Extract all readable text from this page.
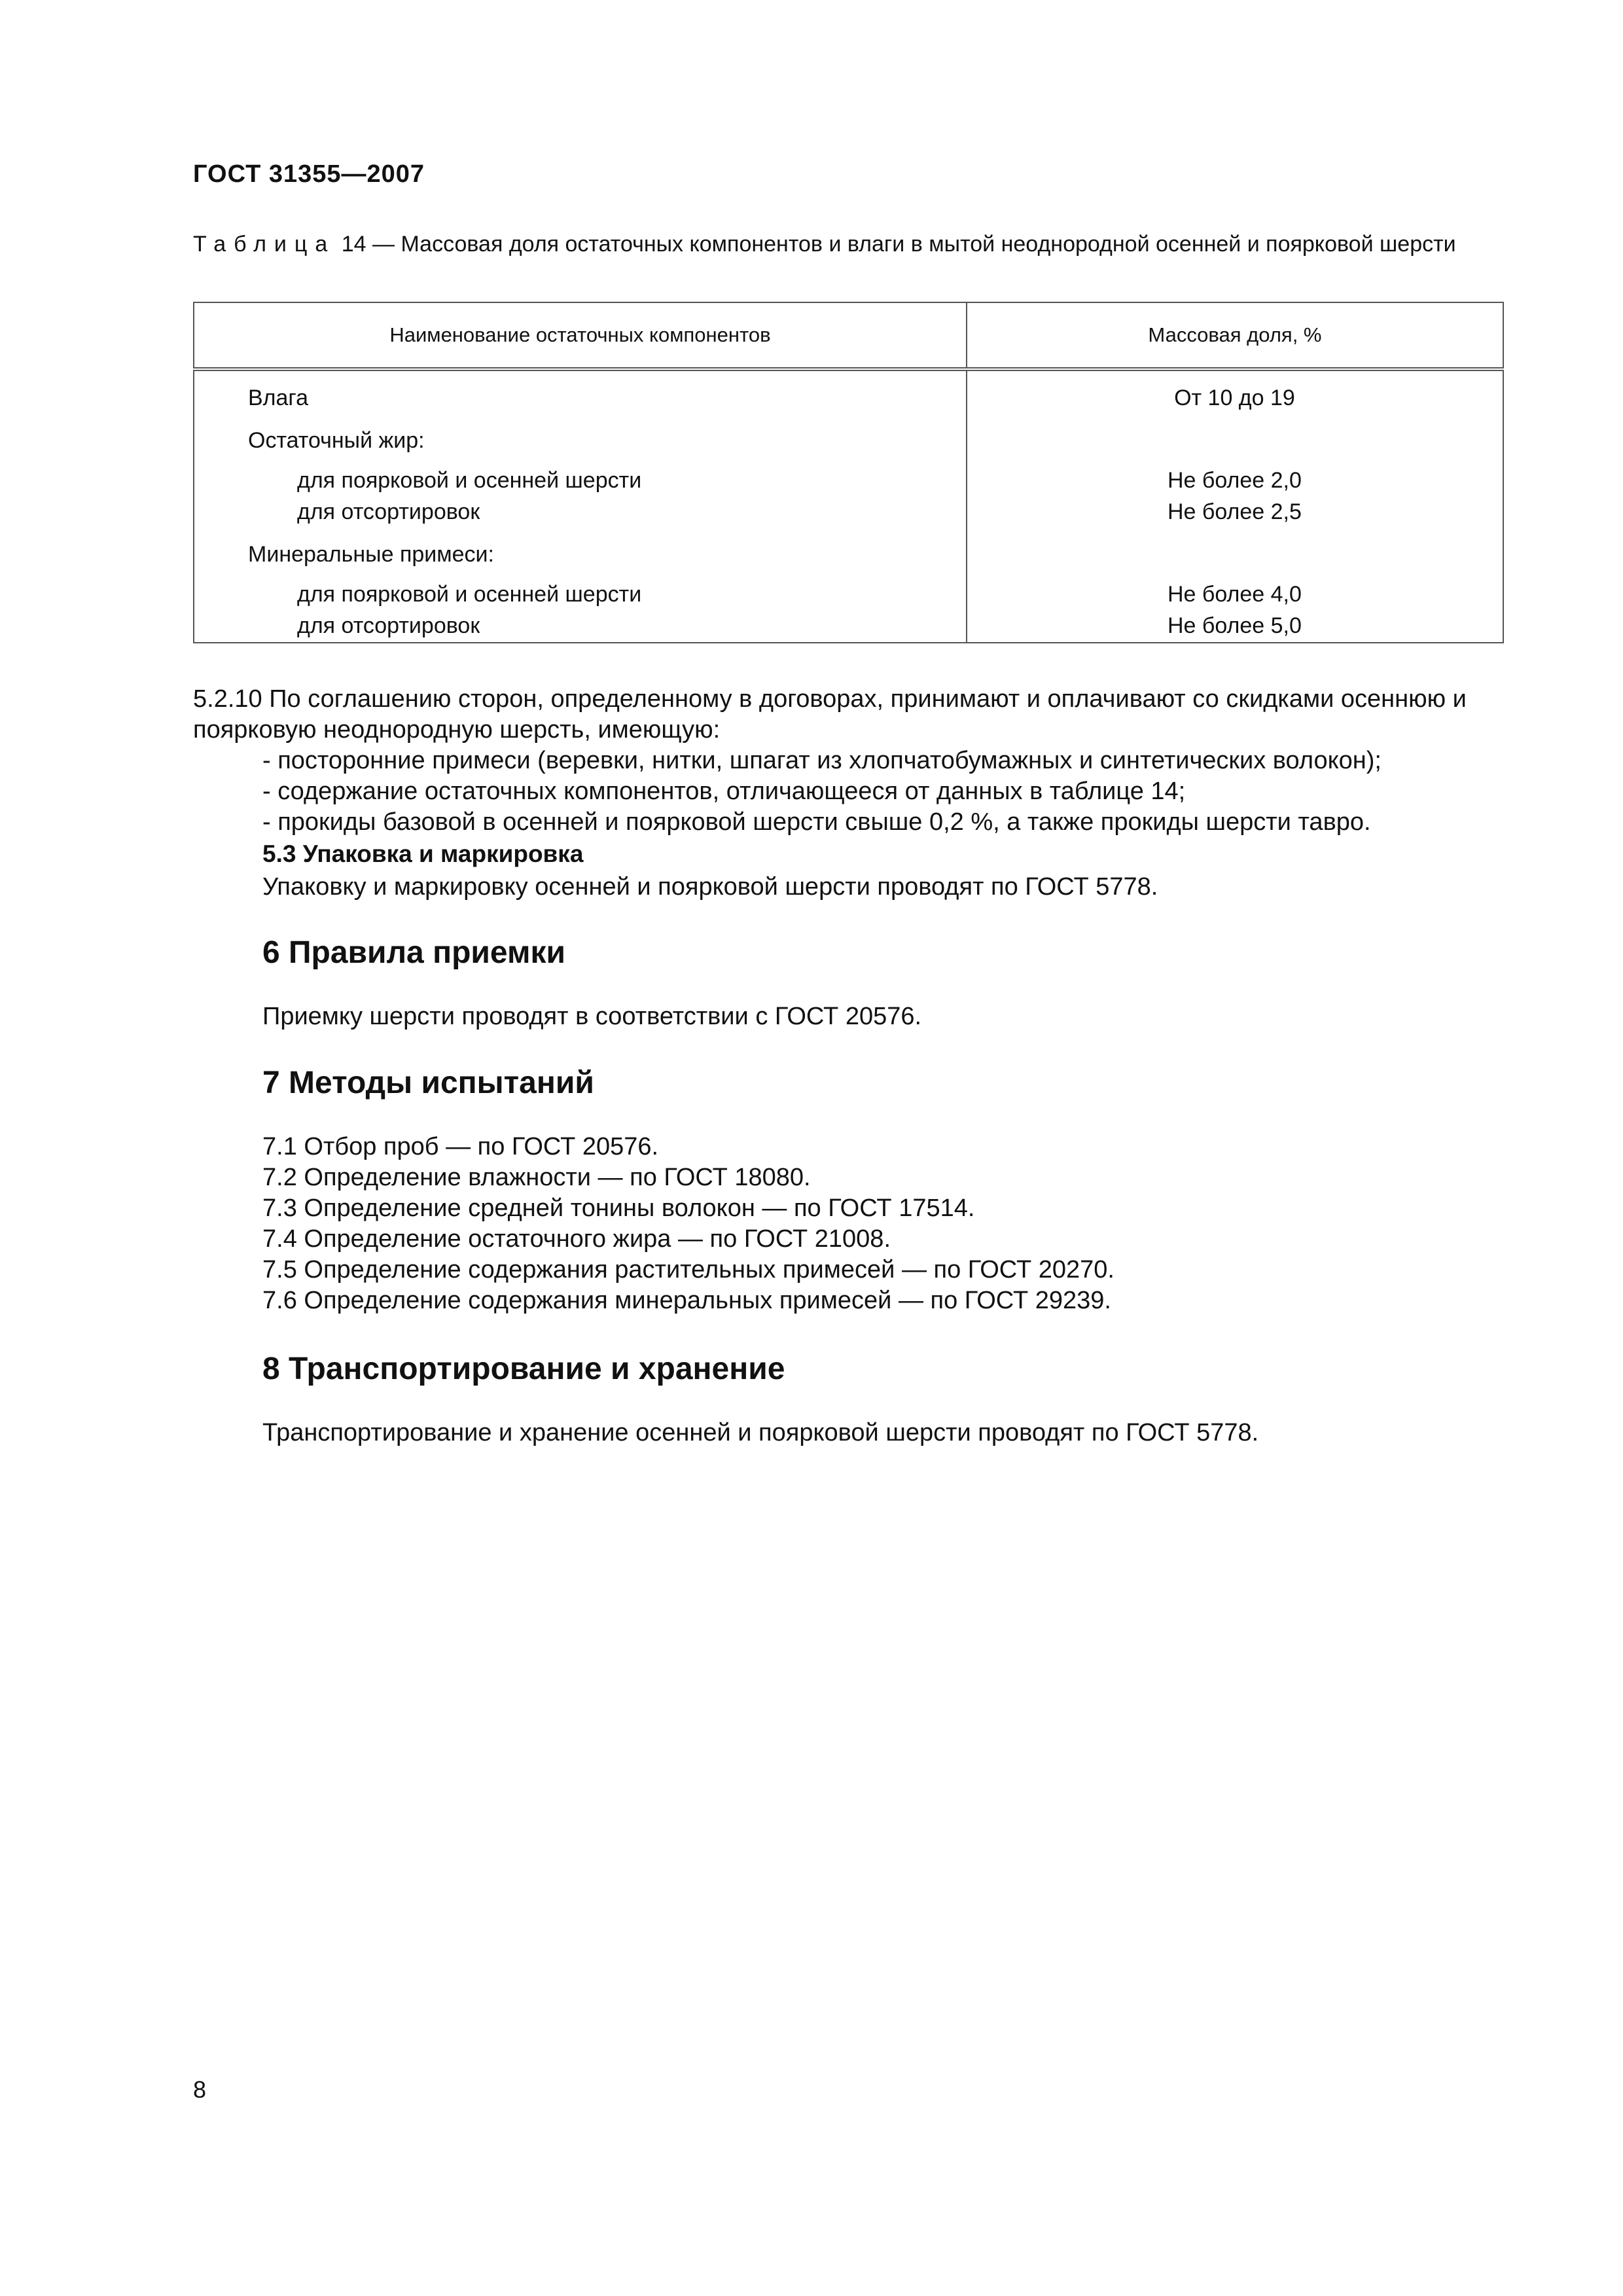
ГОСТ 31355—2007
Таблица 14 — Массовая доля остаточных компонентов и влаги в мытой неоднородной осенней и поярковой шерсти
Наименование остаточных компонентов	Массовая доля, %
Влага	От 10 до 19
Остаточный жир:	
для поярковой и осенней шерсти	Не более 2,0
для отсортировок	Не более 2,5
Минеральные примеси:	
для поярковой и осенней шерсти	Не более 4,0
для отсортировок	Не более 5,0

5.2.10 По соглашению сторон, определенному в договорах, принимают и оплачивают со скидками осеннюю и поярковую неоднородную шерсть, имеющую:

- посторонние примеси (веревки, нитки, шпагат из хлопчатобумажных и синтетических волокон);

- содержание остаточных компонентов, отличающееся от данных в таблице 14;

- прокиды базовой в осенней и поярковой шерсти свыше 0,2 %, а также прокиды шерсти тавро.

5.3 Упаковка и маркировка
Упаковку и маркировку осенней и поярковой шерсти проводят по ГОСТ 5778.
6 Правила приемки
Приемку шерсти проводят в соответствии с ГОСТ 20576.
7 Методы испытаний

7.1 Отбор проб — по ГОСТ 20576.

7.2 Определение влажности — по ГОСТ 18080.

7.3 Определение средней тонины волокон — по ГОСТ 17514.

7.4 Определение остаточного жира — по ГОСТ 21008.

7.5 Определение содержания растительных примесей — по ГОСТ 20270.

7.6 Определение содержания минеральных примесей — по ГОСТ 29239.

8 Транспортирование и хранение
Транспортирование и хранение осенней и поярковой шерсти проводят по ГОСТ 5778.
8
